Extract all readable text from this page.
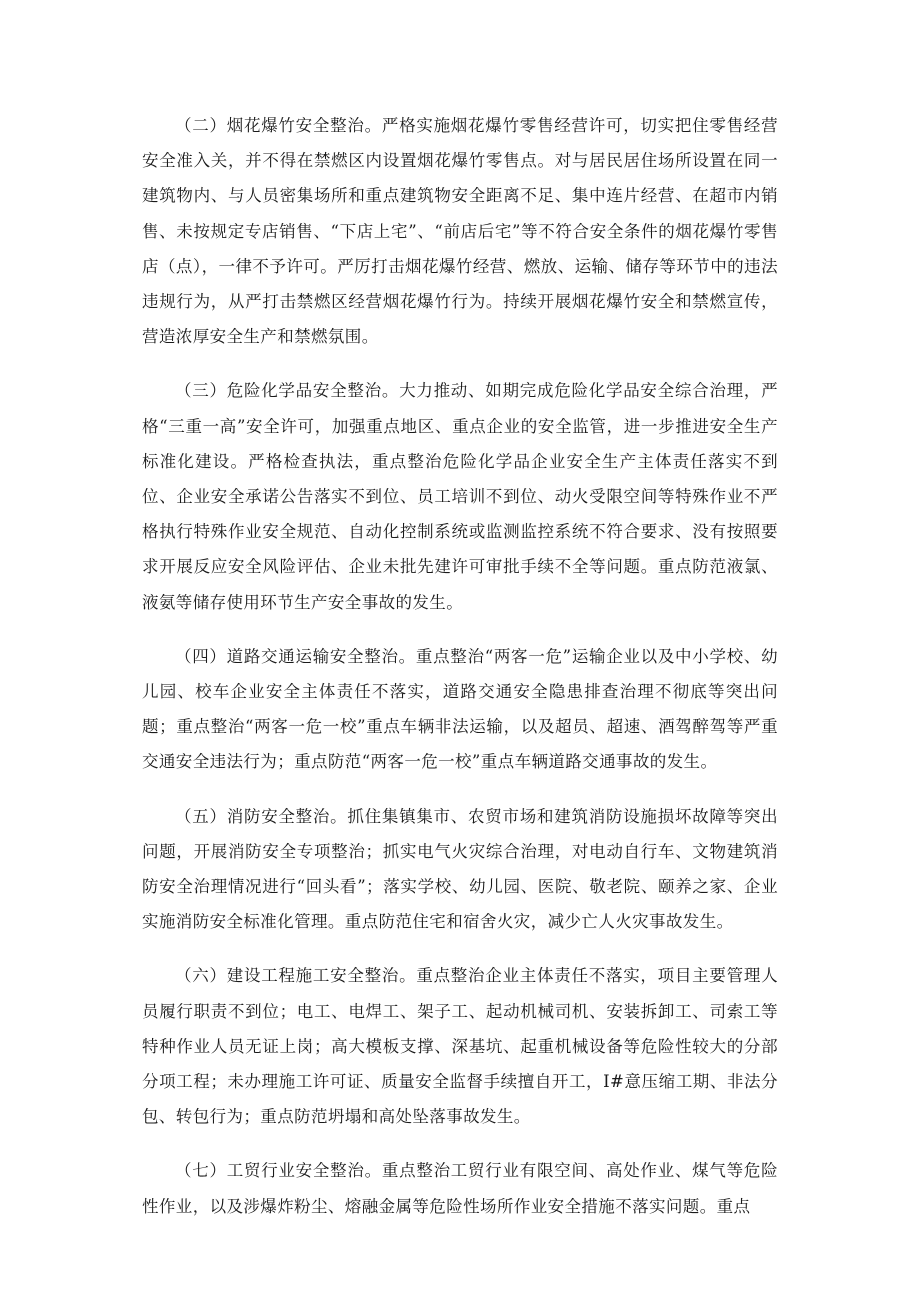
（二）烟花爆竹安全整治。严格实施烟花爆竹零售经营许可，切实把住零售经营安全准入关，并不得在禁燃区内设置烟花爆竹零售点。对与居民居住场所设置在同一建筑物内、与人员密集场所和重点建筑物安全距离不足、集中连片经营、在超市内销售、未按规定专店销售、“下店上宅”、“前店后宅”等不符合安全条件的烟花爆竹零售店（点），一律不予许可。严厉打击烟花爆竹经营、燃放、运输、储存等环节中的违法违规行为，从严打击禁燃区经营烟花爆竹行为。持续开展烟花爆竹安全和禁燃宣传，营造浓厚安全生产和禁燃氛围。

（三）危险化学品安全整治。大力推动、如期完成危险化学品安全综合治理，严格“三重一高”安全许可，加强重点地区、重点企业的安全监管，进一步推进安全生产标准化建设。严格检查执法，重点整治危险化学品企业安全生产主体责任落实不到位、企业安全承诺公告落实不到位、员工培训不到位、动火受限空间等特殊作业不严格执行特殊作业安全规范、自动化控制系统或监测监控系统不符合要求、没有按照要求开展反应安全风险评估、企业未批先建许可审批手续不全等问题。重点防范液氯、液氨等储存使用环节生产安全事故的发生。

（四）道路交通运输安全整治。重点整治“两客一危”运输企业以及中小学校、幼儿园、校车企业安全主体责任不落实，道路交通安全隐患排查治理不彻底等突出问题；重点整治“两客一危一校”重点车辆非法运输，以及超员、超速、酒驾醉驾等严重交通安全违法行为；重点防范“两客一危一校”重点车辆道路交通事故的发生。

（五）消防安全整治。抓住集镇集市、农贸市场和建筑消防设施损坏故障等突出问题，开展消防安全专项整治；抓实电气火灾综合治理，对电动自行车、文物建筑消防安全治理情况进行“回头看”；落实学校、幼儿园、医院、敬老院、颐养之家、企业实施消防安全标准化管理。重点防范住宅和宿舍火灾，减少亡人火灾事故发生。

（六）建设工程施工安全整治。重点整治企业主体责任不落实，项目主要管理人员履行职责不到位；电工、电焊工、架子工、起动机械司机、安装拆卸工、司索工等特种作业人员无证上岗；高大模板支撑、深基坑、起重机械设备等危险性较大的分部分项工程；未办理施工许可证、质量安全监督手续擅自开工，I#意压缩工期、非法分包、转包行为；重点防范坍塌和高处坠落事故发生。

（七）工贸行业安全整治。重点整治工贸行业有限空间、高处作业、煤气等危险性作业，以及涉爆炸粉尘、熔融金属等危险性场所作业安全措施不落实问题。重点
